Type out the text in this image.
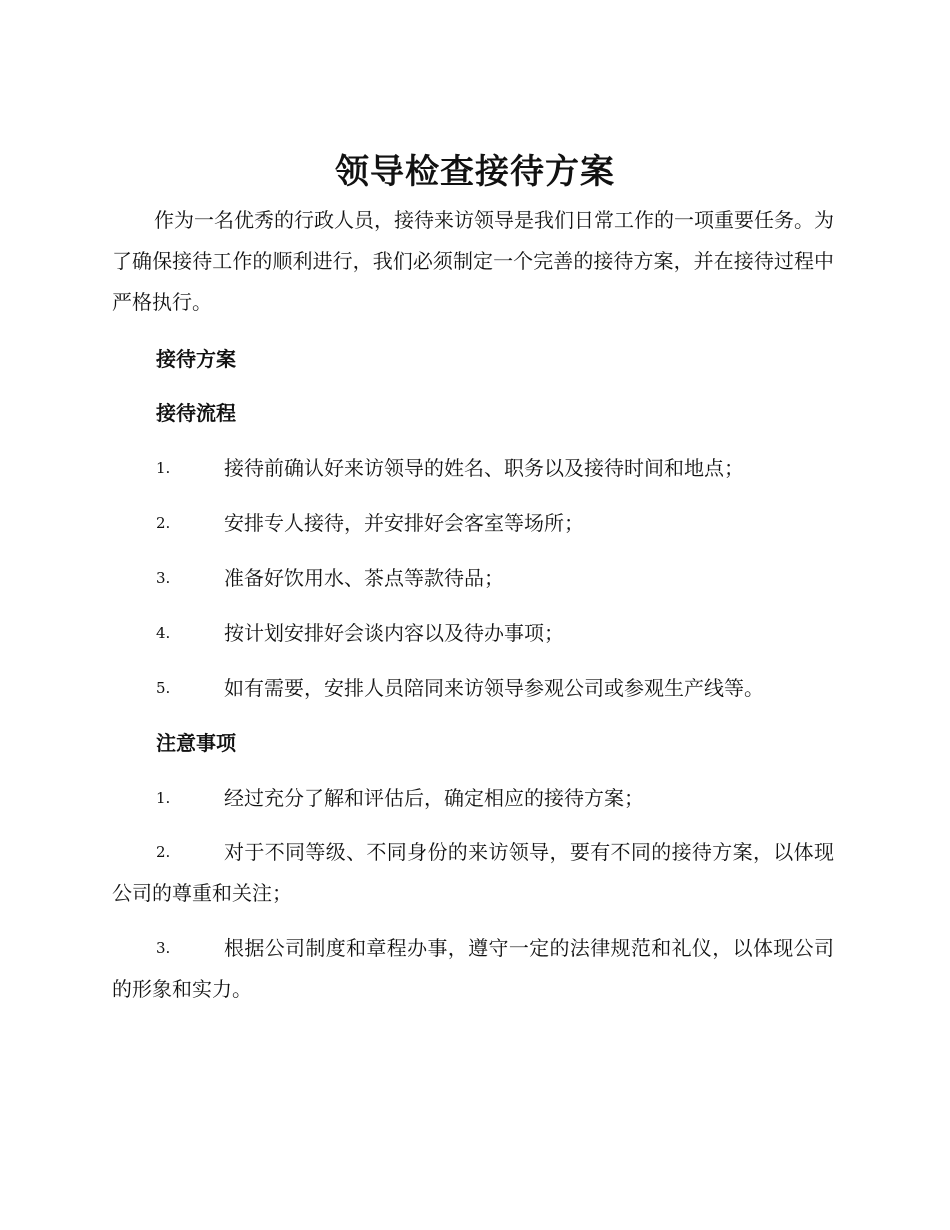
领导检查接待方案

作为一名优秀的行政人员，接待来访领导是我们日常工作的一项重要任务。为了确保接待工作的顺利进行，我们必须制定一个完善的接待方案，并在接待过程中严格执行。

接待方案

接待流程

1.	接待前确认好来访领导的姓名、职务以及接待时间和地点；
2.	安排专人接待，并安排好会客室等场所；
3.	准备好饮用水、茶点等款待品；
4.	按计划安排好会谈内容以及待办事项；
5.	如有需要，安排人员陪同来访领导参观公司或参观生产线等。

注意事项

1.	经过充分了解和评估后，确定相应的接待方案；
2.	对于不同等级、不同身份的来访领导，要有不同的接待方案，以体现公司的尊重和关注；
3.	根据公司制度和章程办事，遵守一定的法律规范和礼仪，以体现公司的形象和实力。
